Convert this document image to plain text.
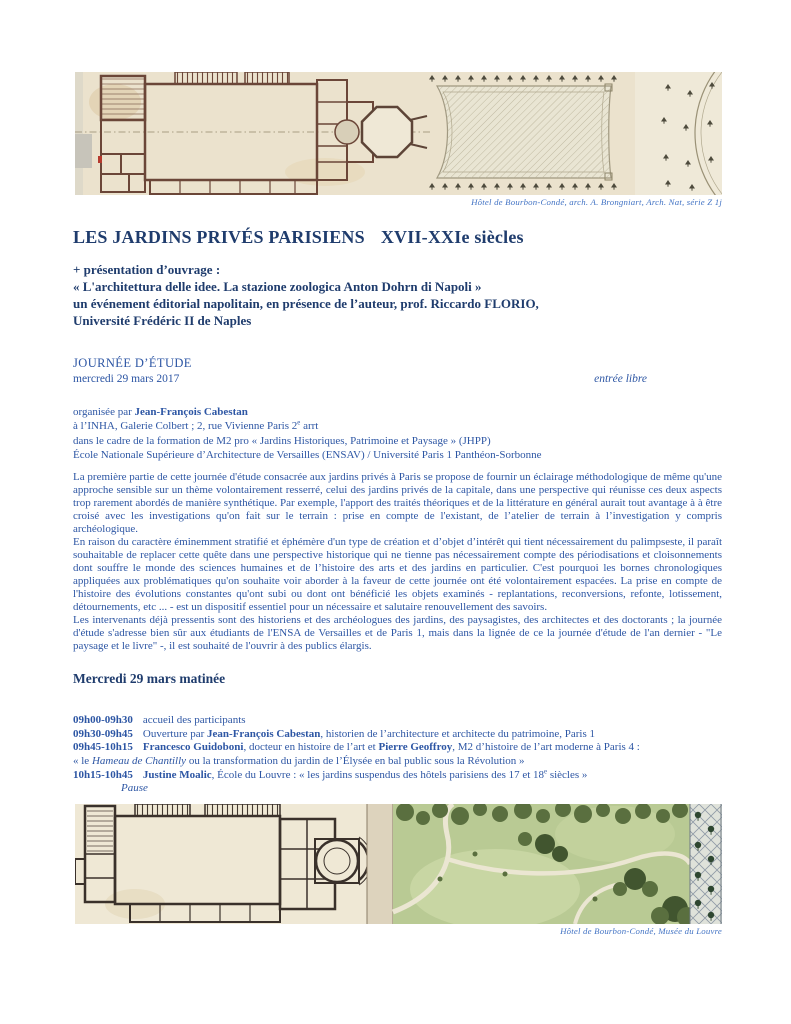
Hôtel de Bourbon-Condé, arch. A. Brongniart, Arch. Nat, série Z 1j
LES JARDINS PRIVÉS PARISIENS XVII-XXIe siècles
+ présentation d’ouvrage :
« L'architettura delle idee. La stazione zoologica Anton Dohrn di Napoli »
un événement éditorial napolitain, en présence de l’auteur, prof. Riccardo FLORIO,
Université Frédéric II de Naples
JOURNÉE D’ÉTUDE
mercredi 29 mars 2017	entrée libre
organisée par Jean-François Cabestan
à l’INHA, Galerie Colbert ; 2, rue Vivienne Paris 2e arrt
dans le cadre de la formation de M2 pro « Jardins Historiques, Patrimoine et Paysage » (JHPP)
École Nationale Supérieure d’Architecture de Versailles (ENSAV) / Université Paris 1 Panthéon-Sorbonne

La première partie de cette journée d'étude consacrée aux jardins privés à Paris se propose de fournir un éclairage méthodologique de même qu'une approche sensible sur un thème volontairement resserré, celui des jardins privés de la capitale, dans une perspective qui réunisse ces deux aspects trop rarement abordés de manière synthétique. Par exemple, l'apport des traités théoriques et de la littérature en général aurait tout avantage à à être croisé avec les investigations qu'on fait sur le terrain : prise en compte de l'existant, de l’atelier de terrain à l’investigation y compris archéologique.

En raison du caractère éminemment stratifié et éphémère d'un type de création et d’objet d’intérêt qui tient nécessairement du palimpseste, il paraît souhaitable de replacer cette quête dans une perspective historique qui ne tienne pas nécessairement compte des périodisations et cloisonnements dont souffre le monde des sciences humaines et de l’histoire des arts et des jardins en particulier. C'est pourquoi les bornes chronologiques appliquées aux problématiques qu'on souhaite voir aborder à la faveur de cette journée ont été volontairement espacées. La prise en compte de l'histoire des évolutions constantes qu'ont subi ou dont ont bénéficié les objets examinés - replantations, reconversions, refonte, lotissement, détournements, etc ... - est un dispositif essentiel pour un nécessaire et salutaire renouvellement des savoirs.

Les intervenants déjà pressentis sont des historiens et des archéologues des jardins, des paysagistes, des architectes et des doctorants ; la journée d'étude s'adresse bien sûr aux étudiants de l'ENSA de Versailles et de Paris 1, mais dans la lignée de ce la journée d'étude de l'an dernier - "Le paysage et le livre" -, il est souhaité de l'ouvrir à des publics élargis.

Mercredi 29 mars matinée
09h00-09h30 accueil des participants
09h30-09h45 Ouverture par Jean-François Cabestan, historien de l’architecture et architecte du patrimoine, Paris 1
09h45-10h15 Francesco Guidoboni, docteur en histoire de l’art et Pierre Geoffroy, M2 d’histoire de l’art moderne à Paris 4 :
« le Hameau de Chantilly ou la transformation du jardin de l’Élysée en bal public sous la Révolution »
10h15-10h45 Justine Moalic, École du Louvre : « les jardins suspendus des hôtels parisiens des 17 et 18e siècles »
Pause
Hôtel de Bourbon-Condé, Musée du Louvre
